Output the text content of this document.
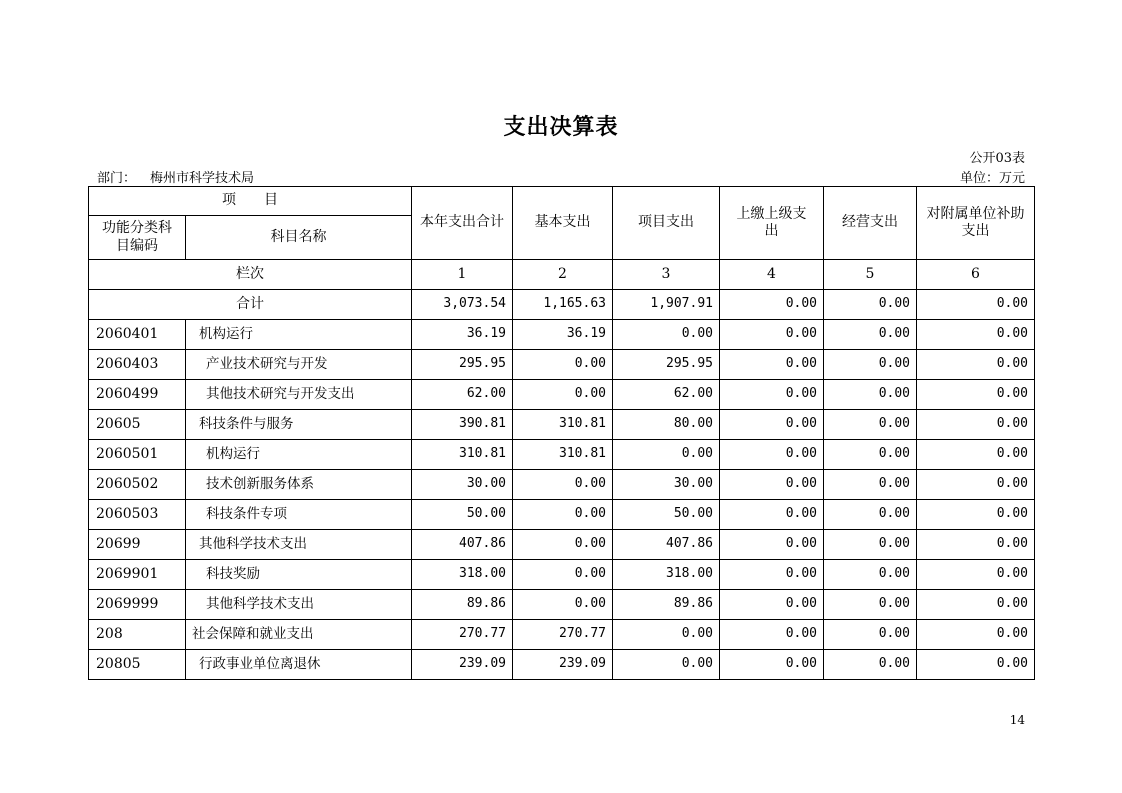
支出决算表
公开03表
部门： 梅州市科学技术局	单位：万元
项　　目		本年支出合计	基本支出	项目支出	上缴上级支出	经营支出	对附属单位补助支出
功能分类科目编码	科目名称						
栏次		1	2	3	4	5	6
合计		3,073.54	1,165.63	1,907.91	0.00	0.00	0.00
2060401	机构运行	36.19	36.19	0.00	0.00	0.00	0.00
2060403	产业技术研究与开发	295.95	0.00	295.95	0.00	0.00	0.00
2060499	其他技术研究与开发支出	62.00	0.00	62.00	0.00	0.00	0.00
20605	科技条件与服务	390.81	310.81	80.00	0.00	0.00	0.00
2060501	机构运行	310.81	310.81	0.00	0.00	0.00	0.00
2060502	技术创新服务体系	30.00	0.00	30.00	0.00	0.00	0.00
2060503	科技条件专项	50.00	0.00	50.00	0.00	0.00	0.00
20699	其他科学技术支出	407.86	0.00	407.86	0.00	0.00	0.00
2069901	科技奖励	318.00	0.00	318.00	0.00	0.00	0.00
2069999	其他科学技术支出	89.86	0.00	89.86	0.00	0.00	0.00
208	社会保障和就业支出	270.77	270.77	0.00	0.00	0.00	0.00
20805	行政事业单位离退休	239.09	239.09	0.00	0.00	0.00	0.00
14
